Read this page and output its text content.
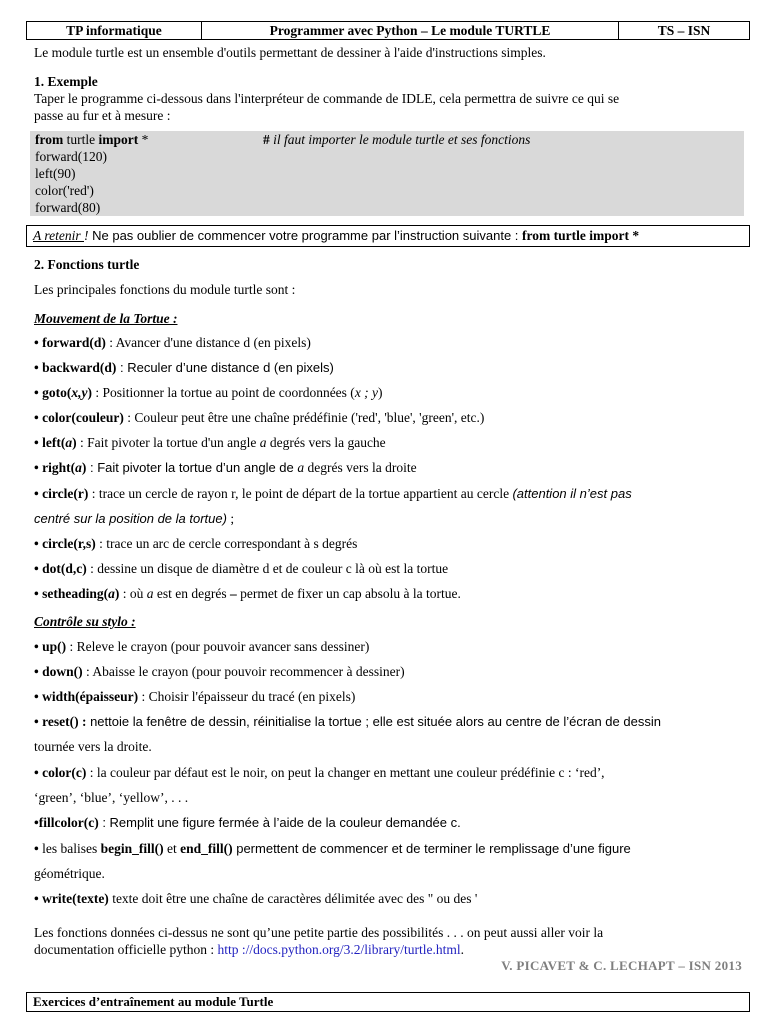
TP informatique	Programmer avec Python – Le module TURTLE	TS – ISN
Le module turtle est un ensemble d'outils permettant de dessiner à l'aide d'instructions simples.
1. Exemple
Taper le programme ci-dessous dans l'interpréteur de commande de IDLE, cela permettra de suivre ce qui se
passe au fur et à mesure :
from turtle import *	# il faut importer le module turtle et ses fonctions
forward(120)
left(90)
color('red')
forward(80)
A retenir ! Ne pas oublier de commencer votre programme par l’instruction suivante : from turtle import *
2. Fonctions turtle
Les principales fonctions du module turtle sont :
Mouvement de la Tortue :
• forward(d) : Avancer d'une distance d (en pixels)
• backward(d) : Reculer d’une distance d (en pixels)
• goto(x,y) : Positionner la tortue au point de coordonnées (x ; y)
• color(couleur) : Couleur peut être une chaîne prédéfinie ('red', 'blue', 'green', etc.)
• left(a) : Fait pivoter la tortue d'un angle a degrés vers la gauche
• right(a) : Fait pivoter la tortue d’un angle de a degrés vers la droite
• circle(r) : trace un cercle de rayon r, le point de départ de la tortue appartient au cercle (attention il n’est pas
centré sur la position de la tortue) ;
• circle(r,s) : trace un arc de cercle correspondant à s degrés
• dot(d,c) : dessine un disque de diamètre d et de couleur c là où est la tortue
• setheading(a) : où a est en degrés – permet de fixer un cap absolu à la tortue.
Contrôle su stylo :
• up() : Releve le crayon (pour pouvoir avancer sans dessiner)
• down() : Abaisse le crayon (pour pouvoir recommencer à dessiner)
• width(épaisseur) : Choisir l'épaisseur du tracé (en pixels)
• reset() : nettoie la fenêtre de dessin, réinitialise la tortue ; elle est située alors au centre de l’écran de dessin
tournée vers la droite.
• color(c) : la couleur par défaut est le noir, on peut la changer en mettant une couleur prédéfinie c : ‘red’,
‘green’, ‘blue’, ‘yellow’, . . .
•fillcolor(c) : Remplit une figure fermée à l’aide de la couleur demandée c.
• les balises begin_fill() et end_fill() permettent de commencer et de terminer le remplissage d’une figure
géométrique.
• write(texte) texte doit être une chaîne de caractères délimitée avec des " ou des '
Les fonctions données ci-dessus ne sont qu’une petite partie des possibilités . . . on peut aussi aller voir la
documentation officielle python : http ://docs.python.org/3.2/library/turtle.html.
V. PICAVET & C. LECHAPT – ISN 2013
Exercices d’entraînement au module Turtle
